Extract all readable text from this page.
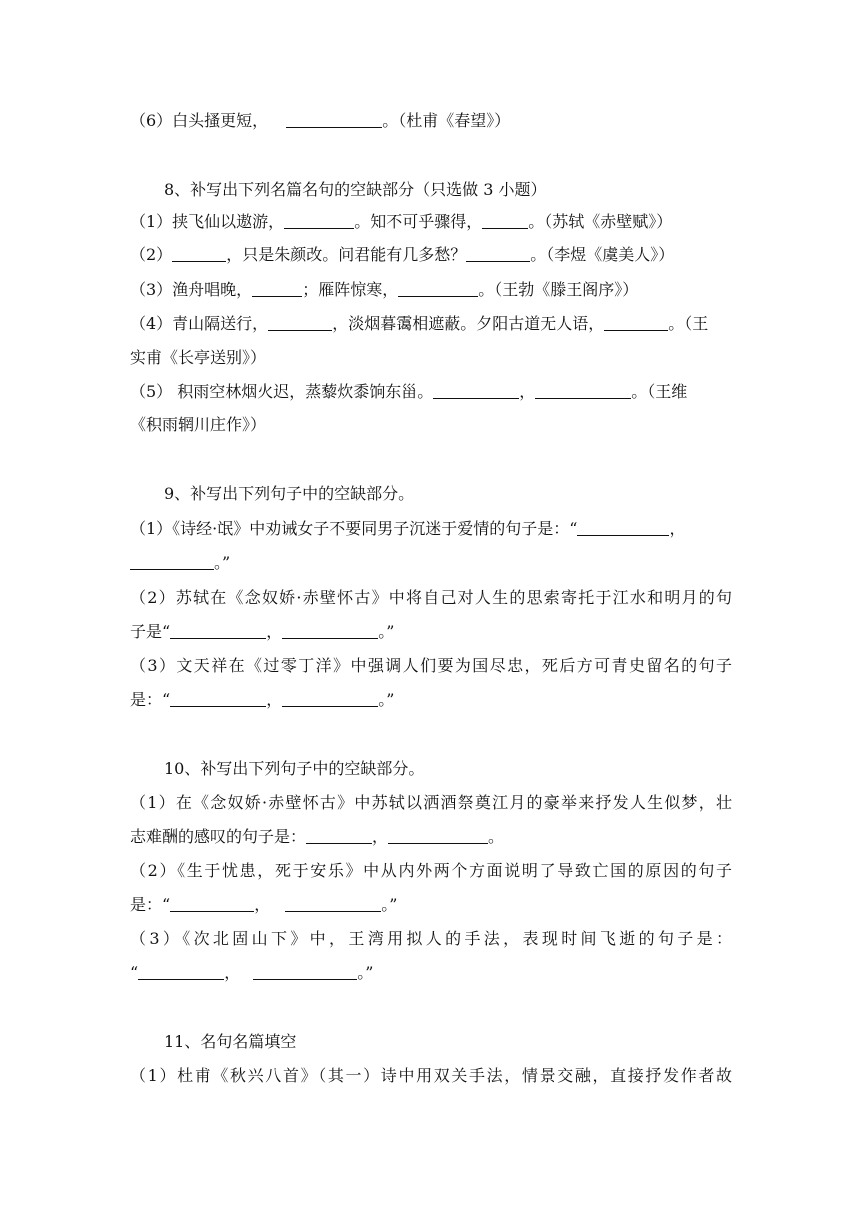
（6）白头搔更短，	。（杜甫《春望》）
8、补写出下列名篇名句的空缺部分（只选做 3 小题）
（1）挟飞仙以遨游，	。知不可乎骤得，	。（苏轼《赤壁赋》）
（2）	，只是朱颜改。问君能有几多愁？	。（李煜《虞美人》）
（3）渔舟唱晚，	；雁阵惊寒，	。（王勃《滕王阁序》）
（4）青山隔送行，	，淡烟暮霭相遮蔽。夕阳古道无人语，	。（王
实甫《长亭送别》）
（5） 积雨空林烟火迟，蒸藜炊黍饷东甾。	，	。（王维
《积雨辋川庄作》）
9、补写出下列句子中的空缺部分。
（1）《诗经·氓》中劝诫女子不要同男子沉迷于爱情的句子是：“	，
。”
（2）苏轼在《念奴娇·赤壁怀古》中将自己对人生的思索寄托于江水和明月的句
子是“	，	。”
（3）文天祥在《过零丁洋》中强调人们要为国尽忠，死后方可青史留名的句子
是：“	，	。”
10、补写出下列句子中的空缺部分。
（1）在《念奴娇·赤壁怀古》中苏轼以洒酒祭奠江月的豪举来抒发人生似梦，壮
志难酬的感叹的句子是：	，	。
（2）《生于忧患，死于安乐》中从内外两个方面说明了导致亡国的原因的句子
是：“	，	。”
（3）《次北固山下》中，王湾用拟人的手法，表现时间飞逝的句子是：
“	，	。”
11、名句名篇填空
（1）杜甫《秋兴八首》（其一）诗中用双关手法，情景交融，直接抒发作者故
